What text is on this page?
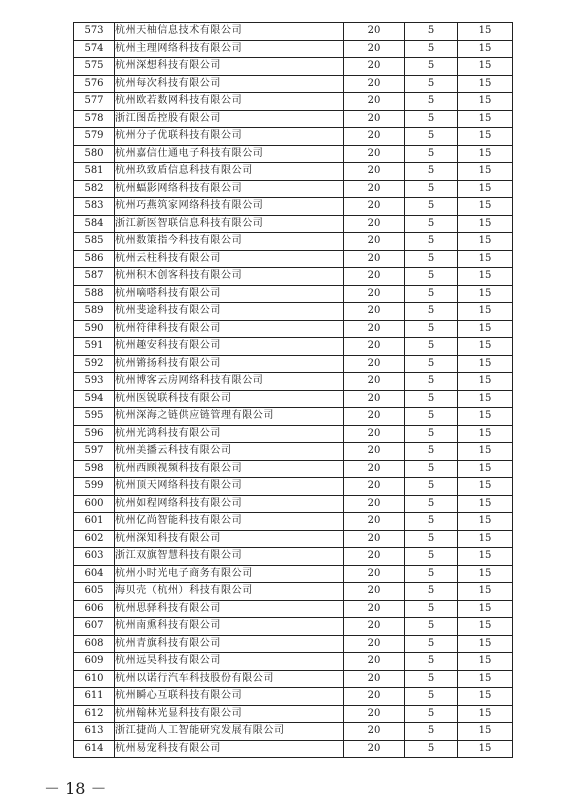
573	杭州天柚信息技术有限公司	20	5	15
574	杭州主理网络科技有限公司	20	5	15
575	杭州深想科技有限公司	20	5	15
576	杭州每次科技有限公司	20	5	15
577	杭州欧若数网科技有限公司	20	5	15
578	浙江图岳控股有限公司	20	5	15
579	杭州分子优联科技有限公司	20	5	15
580	杭州嘉信仕通电子科技有限公司	20	5	15
581	杭州玖致盾信息科技有限公司	20	5	15
582	杭州蝠影网络科技有限公司	20	5	15
583	杭州巧燕筑家网络科技有限公司	20	5	15
584	浙江新医智联信息科技有限公司	20	5	15
585	杭州数策指今科技有限公司	20	5	15
586	杭州云柱科技有限公司	20	5	15
587	杭州积木创客科技有限公司	20	5	15
588	杭州嘀嗒科技有限公司	20	5	15
589	杭州斐途科技有限公司	20	5	15
590	杭州符律科技有限公司	20	5	15
591	杭州趣安科技有限公司	20	5	15
592	杭州锵扬科技有限公司	20	5	15
593	杭州博客云房网络科技有限公司	20	5	15
594	杭州医锐联科技有限公司	20	5	15
595	杭州深海之链供应链管理有限公司	20	5	15
596	杭州光鸿科技有限公司	20	5	15
597	杭州美播云科技有限公司	20	5	15
598	杭州西顾视频科技有限公司	20	5	15
599	杭州顶天网络科技有限公司	20	5	15
600	杭州如程网络科技有限公司	20	5	15
601	杭州亿尚智能科技有限公司	20	5	15
602	杭州深知科技有限公司	20	5	15
603	浙江双旗智慧科技有限公司	20	5	15
604	杭州小时光电子商务有限公司	20	5	15
605	海贝壳（杭州）科技有限公司	20	5	15
606	杭州思驿科技有限公司	20	5	15
607	杭州南熏科技有限公司	20	5	15
608	杭州青旗科技有限公司	20	5	15
609	杭州远昊科技有限公司	20	5	15
610	杭州以诺行汽车科技股份有限公司	20	5	15
611	杭州瞬心互联科技有限公司	20	5	15
612	杭州翰林光显科技有限公司	20	5	15
613	浙江捷尚人工智能研究发展有限公司	20	5	15
614	杭州易宠科技有限公司	20	5	15
－ 18 －
